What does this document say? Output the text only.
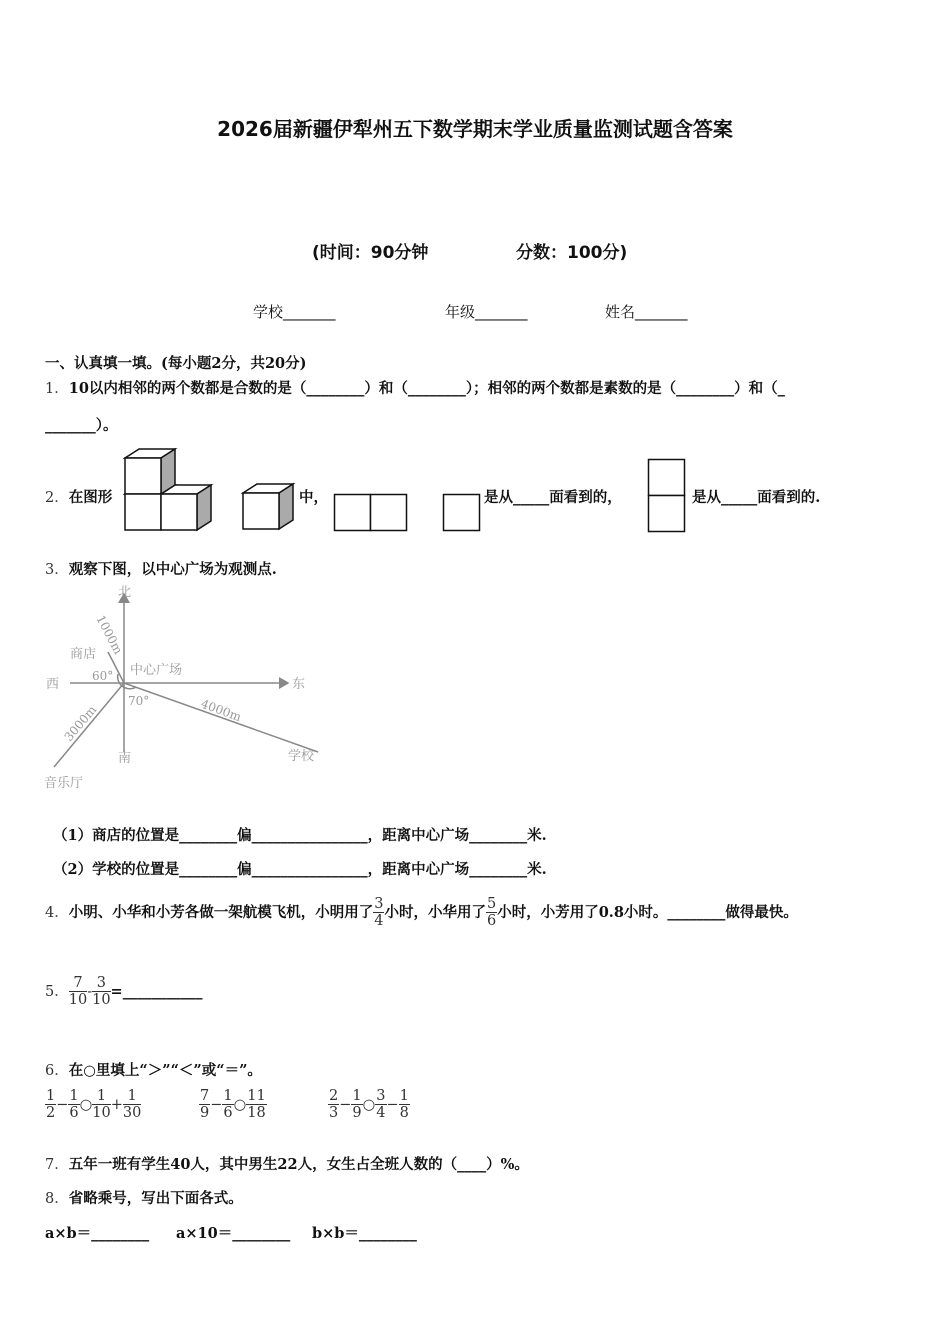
2026届新疆伊犁州五下数学期末学业质量监测试题含答案
(时间：90分钟	分数：100分)
学校_______	年级_______	姓名_______
一、认真填一填。(每小题2分，共20分)
1．10以内相邻的两个数都是合数的是（________）和（________）；相邻的两个数都是素数的是（________）和（_
_______）。
2．在图形	中，	是从_____面看到的，	是从_____面看到的.
3．观察下图，以中心广场为观测点.
北
西	东
南
中心广场
商店
学校
音乐厅
60°
70°
1000m
4000m
3000m
（1）商店的位置是________偏________________，距离中心广场________米.
（2）学校的位置是________偏________________，距离中心广场________米.
4．小明、小华和小芳各做一架航模飞机，小明用了 $\frac{3}{4}$ 小时，小华用了 $\frac{5}{6}$ 小时，小芳用了0.8小时。________做得最快。
5． $\frac{7}{10} - \frac{3}{10}$ =___________
6．在○里填上“＞”“＜”或“＝”。
$\frac{1}{2} - \frac{1}{6}$ ○ $\frac{1}{10} + \frac{1}{30}$	$\frac{7}{9} - \frac{1}{6}$ ○ $\frac{11}{18}$	$\frac{2}{3} - \frac{1}{9}$ ○ $\frac{3}{4} - \frac{1}{8}$
7．五年一班有学生40人，其中男生22人，女生占全班人数的（____）%。
8．省略乘号，写出下面各式。
a×b＝________ a×10＝________ b×b＝________
